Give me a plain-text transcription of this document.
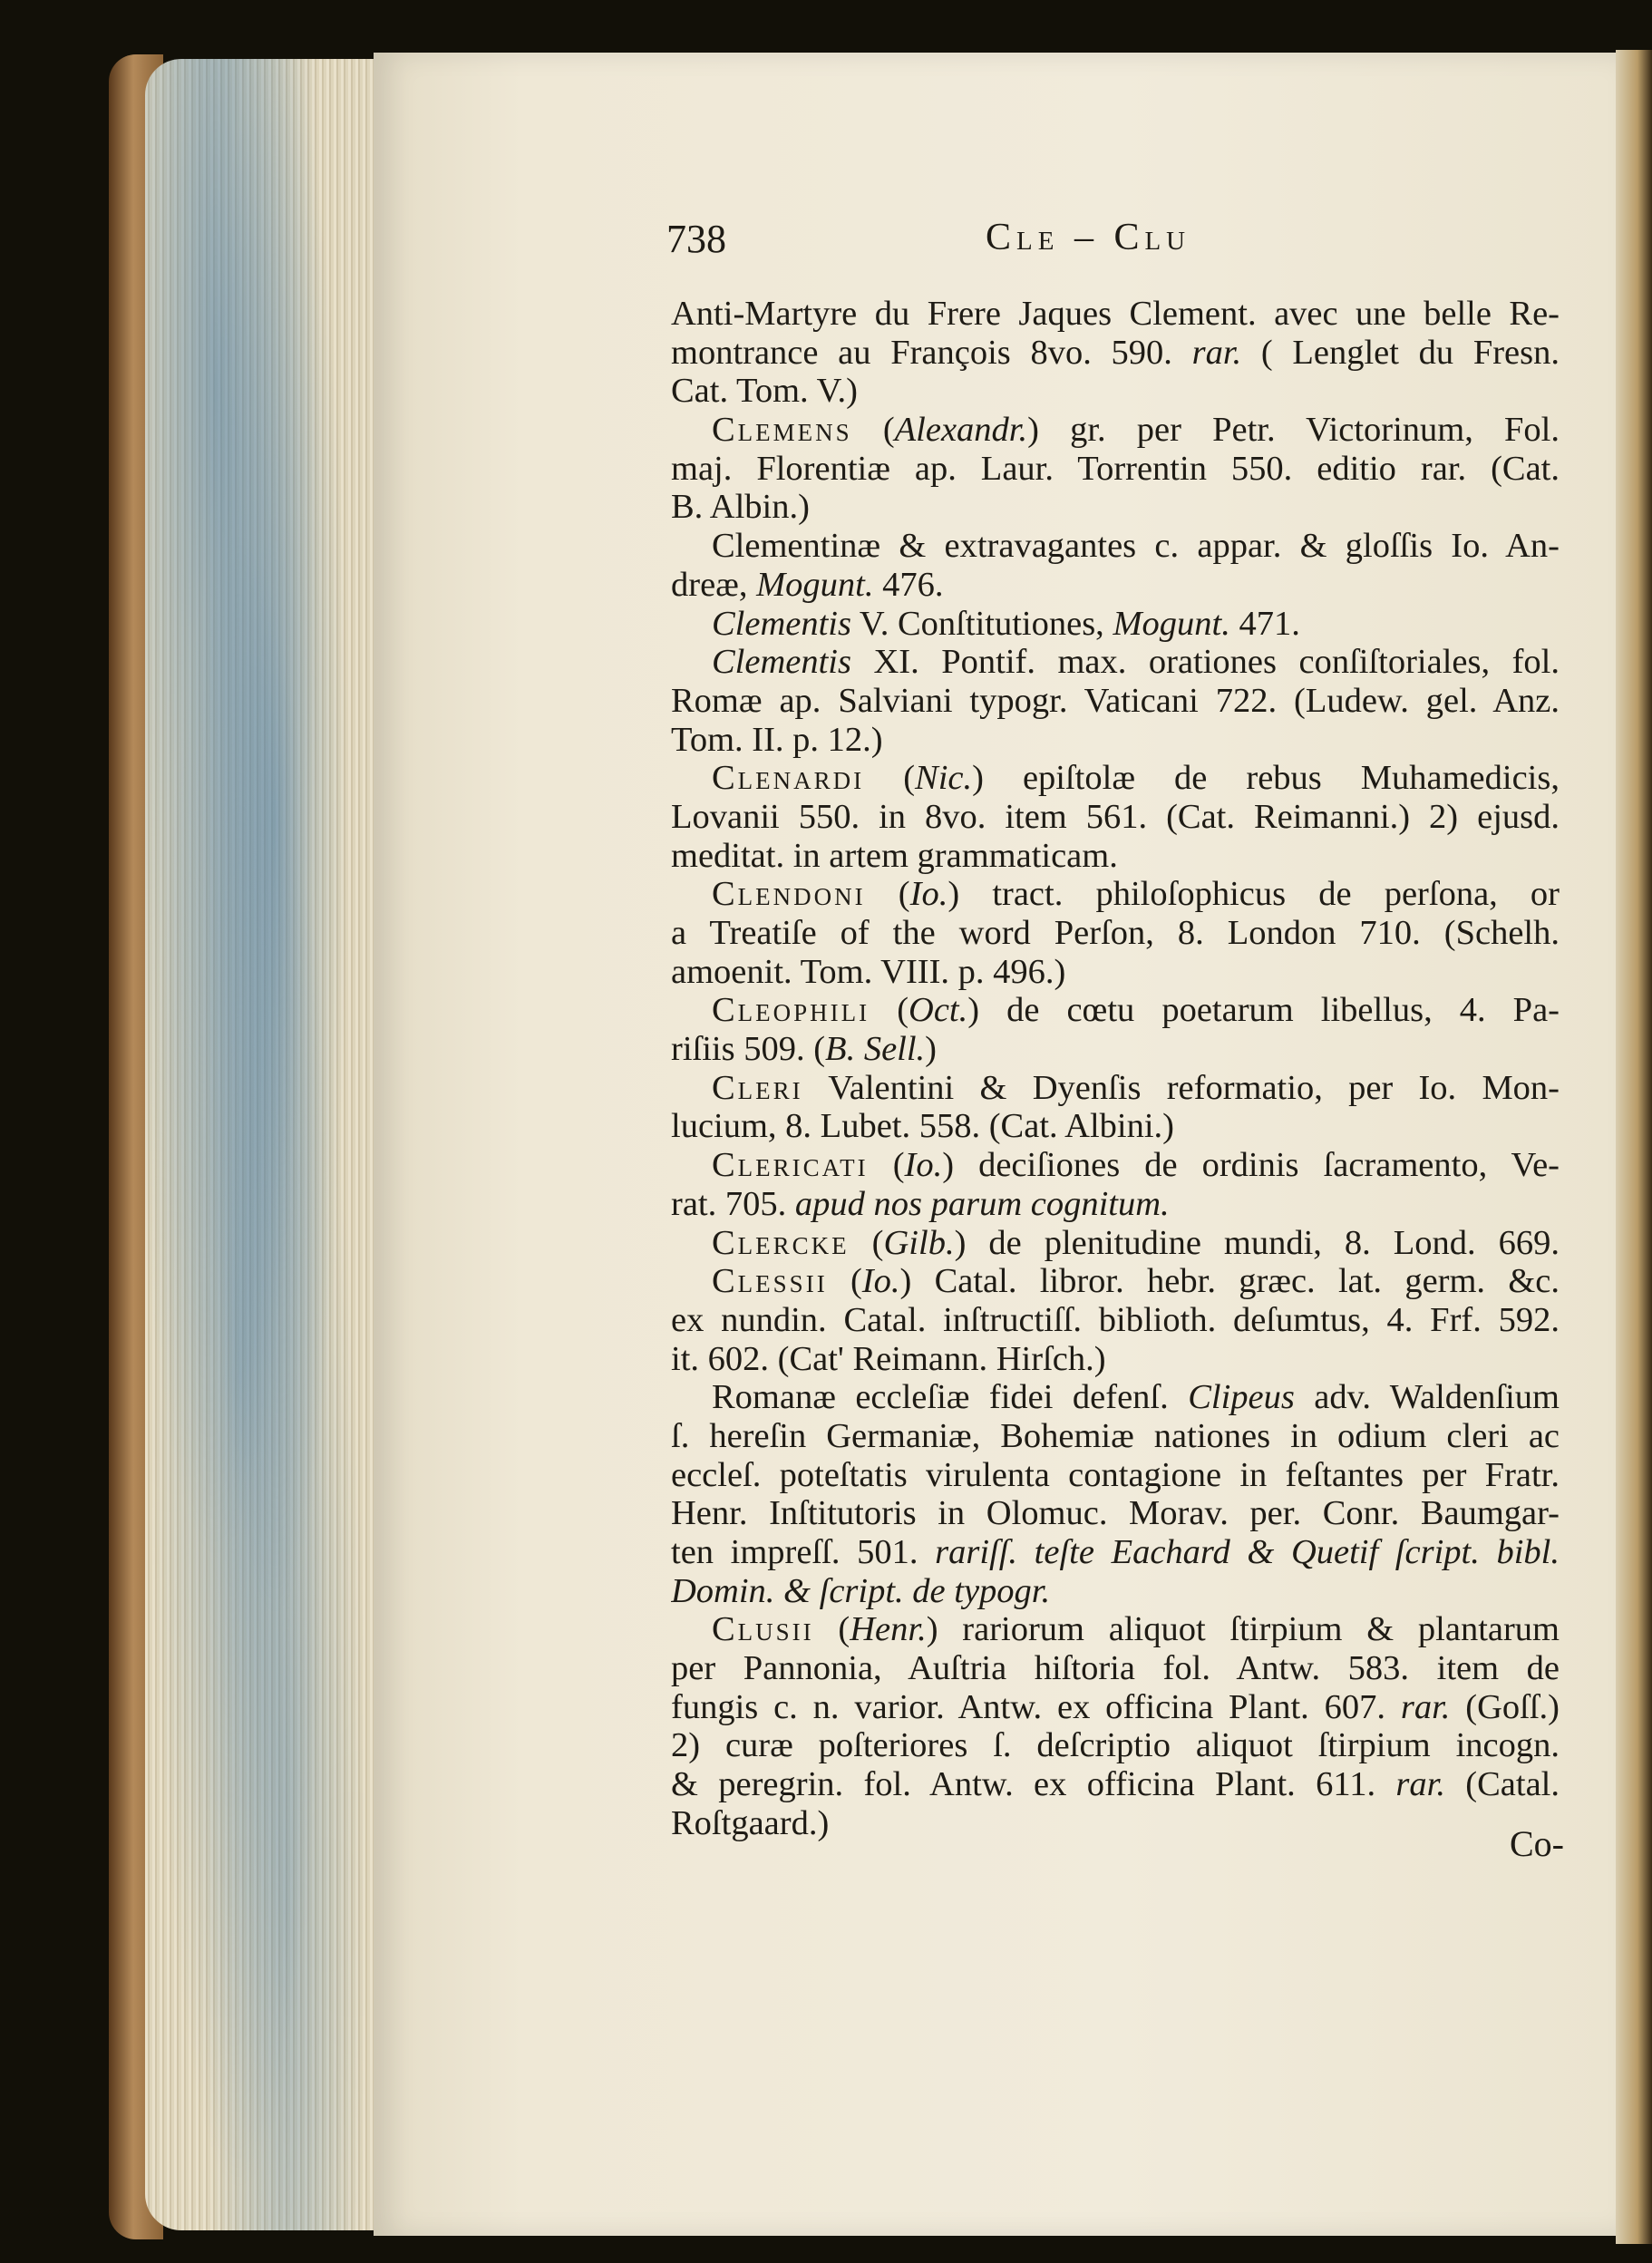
738	Cle – Clu
Anti-Martyre du Frere Jaques Clement. avec une belle Re-
montrance au François 8vo. 590. rar. ( Lenglet du Fresn.
Cat. Tom. V.)
Clemens (Alexandr.) gr. per Petr. Victorinum, Fol.
maj. Florentiæ ap. Laur. Torrentin 550. editio rar. (Cat.
B. Albin.)
Clementinæ & extravagantes c. appar. & gloſſis Io. An-
dreæ, Mogunt. 476.
Clementis V. Conſtitutiones, Mogunt. 471.
Clementis XI. Pontif. max. orationes conſiſtoriales, fol.
Romæ ap. Salviani typogr. Vaticani 722. (Ludew. gel. Anz.
Tom. II. p. 12.)
Clenardi (Nic.) epiſtolæ de rebus Muhamedicis,
Lovanii 550. in 8vo. item 561. (Cat. Reimanni.) 2) ejusd.
meditat. in artem grammaticam.
Clendoni (Io.) tract. philoſophicus de perſona, or
a Treatiſe of the word Perſon, 8. London 710. (Schelh.
amoenit. Tom. VIII. p. 496.)
Cleophili (Oct.) de cœtu poetarum libellus, 4. Pa-
riſiis 509. (B. Sell.)
Cleri Valentini & Dyenſis reformatio, per Io. Mon-
lucium, 8. Lubet. 558. (Cat. Albini.)
Clericati (Io.) deciſiones de ordinis ſacramento, Ve-
rat. 705. apud nos parum cognitum.
Clercke (Gilb.) de plenitudine mundi, 8. Lond. 669.
Clessii (Io.) Catal. libror. hebr. græc. lat. germ. &c.
ex nundin. Catal. inſtructiſſ. biblioth. deſumtus, 4. Frf. 592.
it. 602. (Cat' Reimann. Hirſch.)
Romanæ eccleſiæ fidei defenſ. Clipeus adv. Waldenſium
ſ. hereſin Germaniæ, Bohemiæ nationes in odium cleri ac
eccleſ. poteſtatis virulenta contagione in feſtantes per Fratr.
Henr. Inſtitutoris in Olomuc. Morav. per. Conr. Baumgar-
ten impreſſ. 501. rariſſ. teſte Eachard & Quetif ſcript. bibl.
Domin. & ſcript. de typogr.
Clusii (Henr.) rariorum aliquot ſtirpium & plantarum
per Pannonia, Auſtria hiſtoria fol. Antw. 583. item de
fungis c. n. varior. Antw. ex officina Plant. 607. rar. (Goſſ.)
2) curæ poſteriores ſ. deſcriptio aliquot ſtirpium incogn.
& peregrin. fol. Antw. ex officina Plant. 611. rar. (Catal.
Roſtgaard.)
Co-
